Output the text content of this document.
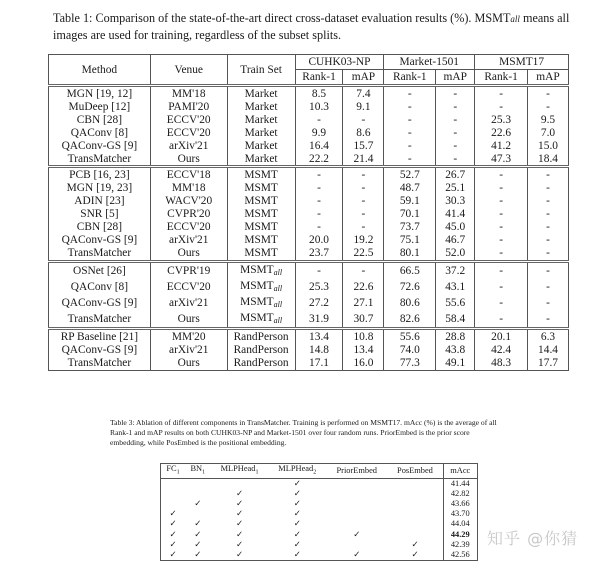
Table 1: Comparison of the state-of-the-art direct cross-dataset evaluation results (%). MSMTall means all images are used for training, regardless of the subset splits.
Method	Venue	Train Set	CUHK03-NP		Market-1501		MSMT17	
			Rank-1	mAP	Rank-1	mAP	Rank-1	mAP
MGN [19, 12]	MM'18	Market	8.5	7.4	-	-	-	-
MuDeep [12]	PAMI'20	Market	10.3	9.1	-	-	-	-
CBN [28]	ECCV'20	Market	-	-	-	-	25.3	9.5
QAConv [8]	ECCV'20	Market	9.9	8.6	-	-	22.6	7.0
QAConv-GS [9]	arXiv'21	Market	16.4	15.7	-	-	41.2	15.0
TransMatcher	Ours	Market	22.2	21.4	-	-	47.3	18.4
PCB [16, 23]	ECCV'18	MSMT	-	-	52.7	26.7	-	-
MGN [19, 23]	MM'18	MSMT	-	-	48.7	25.1	-	-
ADIN [23]	WACV'20	MSMT	-	-	59.1	30.3	-	-
SNR [5]	CVPR'20	MSMT	-	-	70.1	41.4	-	-
CBN [28]	ECCV'20	MSMT	-	-	73.7	45.0	-	-
QAConv-GS [9]	arXiv'21	MSMT	20.0	19.2	75.1	46.7	-	-
TransMatcher	Ours	MSMT	23.7	22.5	80.1	52.0	-	-
OSNet [26]	CVPR'19	$MSMT_{all}$	-	-	66.5	37.2	-	-
QAConv [8]	ECCV'20	$MSMT_{all}$	25.3	22.6	72.6	43.1	-	-
QAConv-GS [9]	arXiv'21	$MSMT_{all}$	27.2	27.1	80.6	55.6	-	-
TransMatcher	Ours	$MSMT_{all}$	31.9	30.7	82.6	58.4	-	-
RP Baseline [21]	MM'20	RandPerson	13.4	10.8	55.6	28.8	20.1	6.3
QAConv-GS [9]	arXiv'21	RandPerson	14.8	13.4	74.0	43.8	42.4	14.4
TransMatcher	Ours	RandPerson	17.1	16.0	77.3	49.1	48.3	17.7
Table 3: Ablation of different components in TransMatcher. Training is performed on MSMT17. mAcc (%) is the average of all Rank-1 and mAP results on both CUHK03-NP and Market-1501 over four random runs. PriorEmbed is the prior score embedding, while PosEmbed is the positional embedding.
$FC_1$	$BN_1$	MLPHead$_1$	MLPHead$_2$	PriorEmbed	PosEmbed	mAcc
			✓			41.44
		✓	✓			42.82
	✓	✓	✓			43.66
✓		✓	✓			43.70
✓	✓	✓	✓			44.04
✓	✓	✓	✓	✓		44.29
✓	✓	✓	✓		✓	42.39
✓	✓	✓	✓	✓	✓	42.56
知乎 @你猜
